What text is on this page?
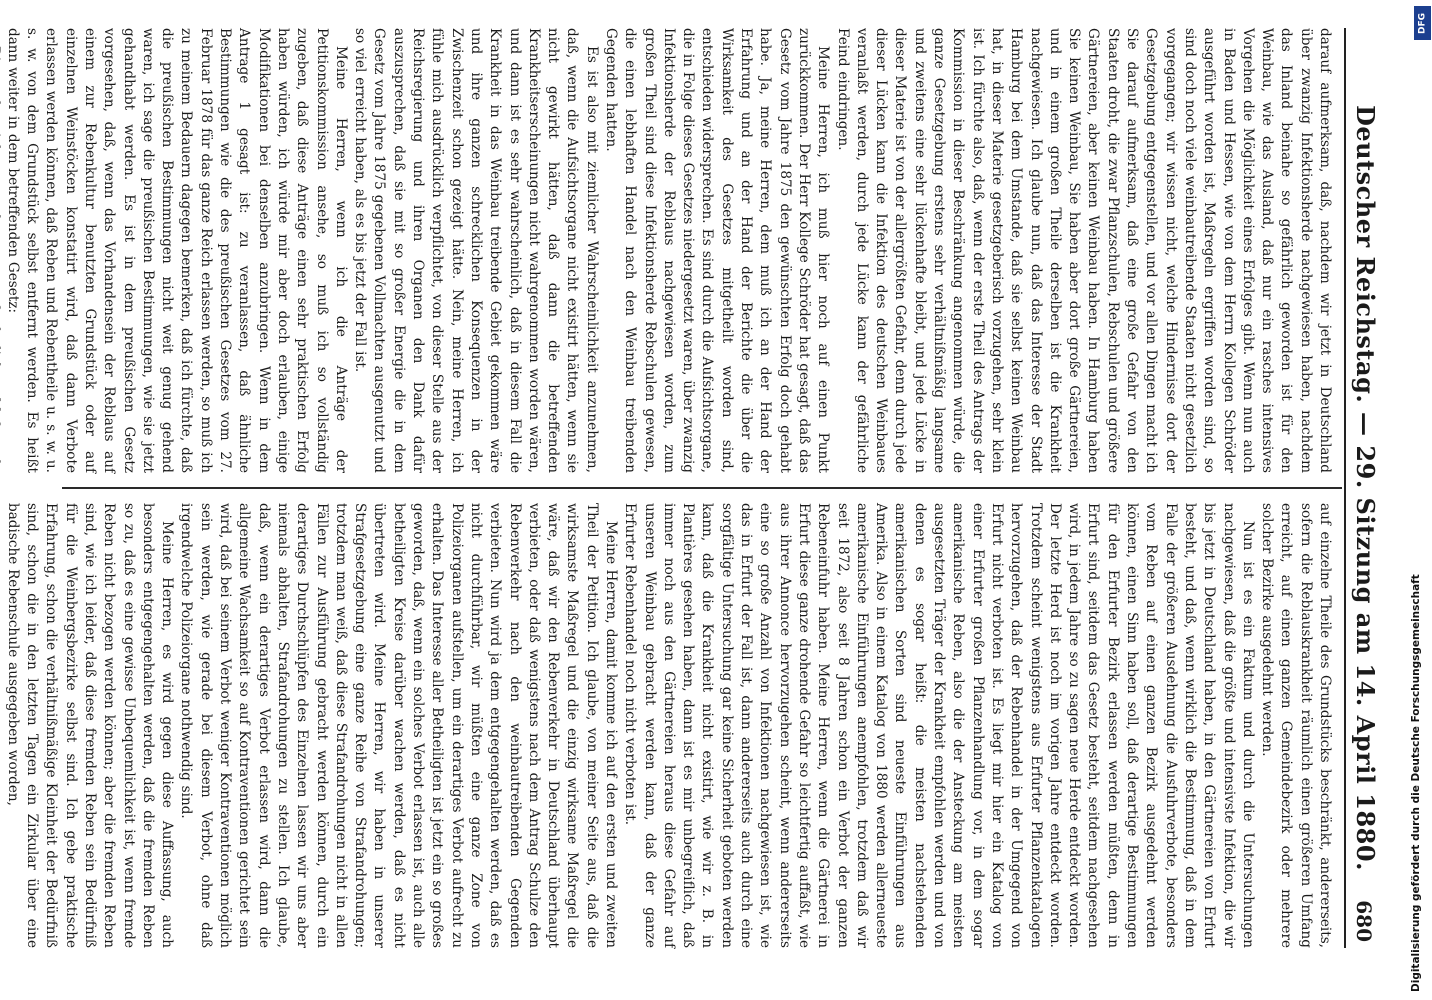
Deutscher Reichstag. — 29. Sitzung am 14. April 1880.
680

darauf aufmerksam, daß, nachdem wir jetzt in Deutschland über zwanzig Infektionsherde nachgewiesen haben, nachdem das Inland beinahe so gefährlich geworden ist für den Weinbau, wie das Ausland, daß nur ein rasches intensives Vorgehen die Möglichkeit eines Erfolges gibt. Wenn nun auch in Baden und Hessen, wie von dem Herrn Kollegen Schröder ausgeführt worden ist, Maßregeln ergriffen worden sind, so sind doch noch viele weinbautreibende Staaten nicht gesetzlich vorgegangen; wir wissen nicht, welche Hindernisse dort der Gesetzgebung entgegenstellen, und vor allen Dingen macht ich Sie darauf aufmerksam, daß eine große Gefahr von den Staaten droht, die zwar Pflanzschulen, Rebschulen und größere Gärtnereien, aber keinen Weinbau haben. In Hamburg haben Sie keinen Weinbau, Sie haben aber dort große Gärtnereien, und in einem großen Theile derselben ist die Krankheit nachgewiesen. Ich glaube nun, daß das Interesse der Stadt Hamburg bei dem Umstande, daß sie selbst keinen Weinbau hat, in dieser Materie gesetzgeberisch vorzugehen, sehr klein ist. Ich fürchte also, daß, wenn der erste Theil des Antrags der Kommission in dieser Beschränkung angenommen würde, die ganze Gesetzgebung erstens sehr verhältnißmäßig langsame und zweitens eine sehr lückenhafte bleibt, und jede Lücke in dieser Materie ist von der allergrößten Gefahr, denn durch jede dieser Lücken kann die Infektion des deutschen Weinbaues veranlaßt werden, durch jede Lücke kann der gefährliche Feind eindringen.

Meine Herren, ich muß hier noch auf einen Punkt zurückkommen. Der Herr Kollege Schröder hat gesagt, daß das Gesetz vom Jahre 1875 den gewünschten Erfolg doch gehabt habe. Ja, meine Herren, dem muß ich an der Hand der Erfahrung und an der Hand der Berichte die über die Wirksamkeit des Gesetzes mitgetheilt worden sind, entschieden widersprechen. Es sind durch die Aufsichtsorgane, die in Folge dieses Gesetzes niedergesetzt waren, über zwanzig Infektionsherde der Reblaus nachgewiesen worden, zum großen Theil sind diese Infektionsherde Rebschulen gewesen, die einen lebhaften Handel nach den Weinbau treibenden Gegenden hatten.

Es ist also mit ziemlicher Wahrscheinlichkeit anzunehmen, daß, wenn die Aufsichtsorgane nicht existirt hätten, wenn sie nicht gewirkt hätten, daß dann die betreffenden Krankheitserscheinungen nicht wahrgenommen worden wären, und dann ist es sehr wahrscheinlich, daß in diesem Fall die Krankheit in das Weinbau treibende Gebiet gekommen wäre und ihre ganzen schrecklichen Konsequenzen in der Zwischenzeit schon gezeigt hätte. Nein, meine Herren, ich fühle mich ausdrücklich verpflichtet, von dieser Stelle aus der Reichsregierung und ihren Organen den Dank dafür auszusprechen, daß sie mit so großer Energie die in dem Gesetz vom Jahre 1875 gegebenen Vollmachten ausgenutzt und so viel erreicht haben, als es bis jetzt der Fall ist.

Meine Herren, wenn ich die Anträge der Petitionskommission ansehe, so muß ich so vollständig zugeben, daß diese Anträge einen sehr praktischen Erfolg haben würden, ich würde mir aber doch erlauben, einige Modifikationen bei denselben anzubringen. Wenn in dem Antrage 1 gesagt ist: zu veranlassen, daß ähnliche Bestimmungen wie die des preußischen Gesetzes vom 27. Februar 1878 für das ganze Reich erlassen werden, so muß ich zu meinem Bedauern dagegen bemerken, daß ich fürchte, daß die preußischen Bestimmungen nicht weit genug gehend waren, ich sage die preußischen Bestimmungen, wie sie jetzt gehandhabt werden. Es ist in dem preußischen Gesetz vorgesehen, daß, wenn das Vorhandensein der Reblaus auf einem zur Rebenkultur benutzten Grundstück oder auf einzelnen Weinstöcken konstatirt wird, daß dann Verbote erlassen werden können, daß Reben und Rebentheile u. s. w. u. s. w. von dem Grundstück selbst entfernt werden. Es heißt dann weiter in dem betreffenden Gesetz:

auf einzelne Theile des Grundstücks beschränkt, andererseits, sofern die Reblauskrankheit räumlich einen größeren Umfang erreicht, auf einen ganzen Gemeindebezirk oder mehrere solcher Bezirke ausgedehnt werden.

Nun ist es ein Faktum und durch die Untersuchungen nachgewiesen, daß die größte und intensivste Infektion, die wir bis jetzt in Deutschland haben, in den Gärtnereien von Erfurt besteht, und daß, wenn wirklich die Bestimmung, daß in dem Falle der größeren Ausdehnung die Ausfuhrverbote, besonders vom Reben auf einen ganzen Bezirk ausgedehnt werden können, einen Sinn haben soll, daß derartige Bestimmungen für den Erfurter Bezirk erlassen werden müßten, denn in Erfurt sind, seitdem das Gesetz besteht, seitdem nachgesehen wird, in jedem Jahre so zu sagen neue Herde entdeckt worden. Der letzte Herd ist noch im vorigen Jahre entdeckt worden. Trotzdem scheint wenigstens aus Erfurter Pflanzenkatalogen hervorzugehen, daß der Rebenhandel in der Umgegend von Erfurt nicht verboten ist. Es liegt mir hier ein Katalog von einer Erfurter großen Pflanzenhandlung vor, in dem sogar amerikanische Reben, also die der Ansteckung am meisten ausgesetzten Träger der Krankheit empfohlen werden und von denen es sogar heißt: die meisten nachstehenden amerikanischen Sorten sind neueste Einführungen aus Amerika. Also in einem Katalog von 1880 werden allerneueste amerikanische Einführungen anempfohlen, trotzdem daß wir seit 1872, also seit 8 Jahren schon ein Verbot der ganzen Rebeneinfuhr haben. Meine Herren, wenn die Gärtnerei in Erfurt diese ganze drohende Gefahr so leichtfertig auffaßt, wie aus ihrer Annonce hervorzugehen scheint, wenn andererseits eine so große Anzahl von Infektionen nachgewiesen ist, wie das in Erfurt der Fall ist, dann andererseits auch durch eine sorgfältige Untersuchung gar keine Sicherheit geboten werden kann, daß die Krankheit nicht existirt, wie wir z. B. in Plantières gesehen haben, dann ist es mir unbegreiflich, daß immer noch aus den Gärtnereien heraus diese Gefahr auf unseren Weinbau gebracht werden kann, daß der ganze Erfurter Rebenhandel noch nicht verboten ist.

Meine Herren, damit komme ich auf den ersten und zweiten Theil der Petition. Ich glaube, von meiner Seite aus, daß die wirksamste Maßregel und die einzig wirksame Maßregel die wäre, daß wir den Rebenverkehr in Deutschland überhaupt verbieten, oder daß wenigstens nach dem Antrag Schulze den Rebenverkehr nach den weinbautreibenden Gegenden verbieten. Nun wird ja dem entgegengehalten werden, daß es nicht durchführbar, wir müßten eine ganze Zone von Polizeiorganen aufstellen, um ein derartiges Verbot aufrecht zu erhalten. Das Interesse aller Betheiligten ist jetzt ein so großes geworden, daß, wenn ein solches Verbot erlassen ist, auch alle betheiligten Kreise darüber wachen werden, daß es nicht übertreten wird. Meine Herren, wir haben in unserer Strafgesetzgebung eine ganze Reihe von Strafandrohungen; trotzdem man weiß, daß diese Strafandrohungen nicht in allen Fällen zur Ausführung gebracht werden können, durch ein derartiges Durchschlüpfen des Einzelnen lassen wir uns aber niemals abhalten, Strafandrohungen zu stellen. Ich glaube, daß, wenn ein derartiges Verbot erlassen wird, dann die allgemeine Wachsamkeit so auf Kontraventionen gerichtet sein wird, daß bei seinem Verbot weniger Kontraventionen möglich sein werden, wie gerade bei diesem Verbot, ohne daß irgendwelche Polizeiorgane nothwendig sind.

Meine Herren, es wird gegen diese Auffassung, auch besonders entgegengehalten werden, daß die fremden Reben so zu, daß es eine gewisse Unbequemlichkeit ist, wenn fremde Reben nicht bezogen werden können; aber die fremden Reben sind, wie ich leider, daß diese fremden Reben sein Bedürfniß für die Weinbergsbezirke selbst sind. Ich gebe praktische Erfahrung, schon die verhältnißmäßige Kleinheit der Bedürfniß sind, schon die in den letzten Tagen ein Zirkular über eine badische Rebenschule ausgegeben worden,

DFG
Digitalisierung gefördert durch die Deutsche Forschungsgemeinschaft
